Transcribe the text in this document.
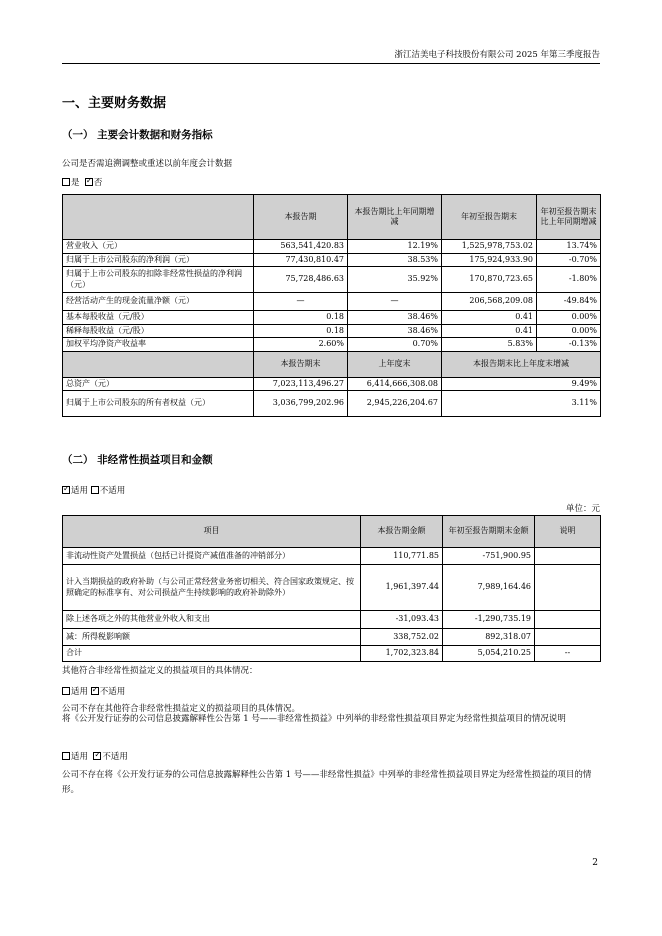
浙江洁美电子科技股份有限公司 2025 年第三季度报告
一、主要财务数据
（一） 主要会计数据和财务指标
公司是否需追溯调整或重述以前年度会计数据
是 ✓ 否
	本报告期	本报告期比上年同期增减	年初至报告期末	年初至报告期末比上年同期增减
营业收入（元）	563,541,420.83	12.19%	1,525,978,753.02	13.74%
归属于上市公司股东的净利润（元）	77,430,810.47	38.53%	175,924,933.90	-0.70%
归属于上市公司股东的扣除非经常性损益的净利润（元）	75,728,486.63	35.92%	170,870,723.65	-1.80%
经营活动产生的现金流量净额（元）	—	—	206,568,209.08	-49.84%
基本每股收益（元/股）	0.18	38.46%	0.41	0.00%
稀释每股收益（元/股）	0.18	38.46%	0.41	0.00%
加权平均净资产收益率	2.60%	0.70%	5.83%	-0.13%
	本报告期末	上年度末	本报告期末比上年度末增减	
总资产（元）	7,023,113,496.27	6,414,666,308.08	9.49%	
归属于上市公司股东的所有者权益（元）	3,036,799,202.96	2,945,226,204.67	3.11%	
（二） 非经常性损益项目和金额
✓适用 不适用
单位：元
项目	本报告期金额	年初至报告期期末金额	说明
非流动性资产处置损益（包括已计提资产减值准备的冲销部分）	110,771.85	-751,900.95	
计入当期损益的政府补助（与公司正常经营业务密切相关、符合国家政策规定、按照确定的标准享有、对公司损益产生持续影响的政府补助除外）	1,961,397.44	7,989,164.46	
除上述各项之外的其他营业外收入和支出	-31,093.43	-1,290,735.19	
减：所得税影响额	338,752.02	892,318.07	
合计	1,702,323.84	5,054,210.25	--
其他符合非经常性损益定义的损益项目的具体情况：
适用 ✓ 不适用
公司不存在其他符合非经常性损益定义的损益项目的具体情况。
将《公开发行证券的公司信息披露解释性公告第 1 号——非经常性损益》中列举的非经常性损益项目界定为经常性损益项目的情况说明
适用 ✓ 不适用
公司不存在将《公开发行证券的公司信息披露解释性公告第 1 号——非经常性损益》中列举的非经常性损益项目界定为经常性损益的项目的情形。
2
